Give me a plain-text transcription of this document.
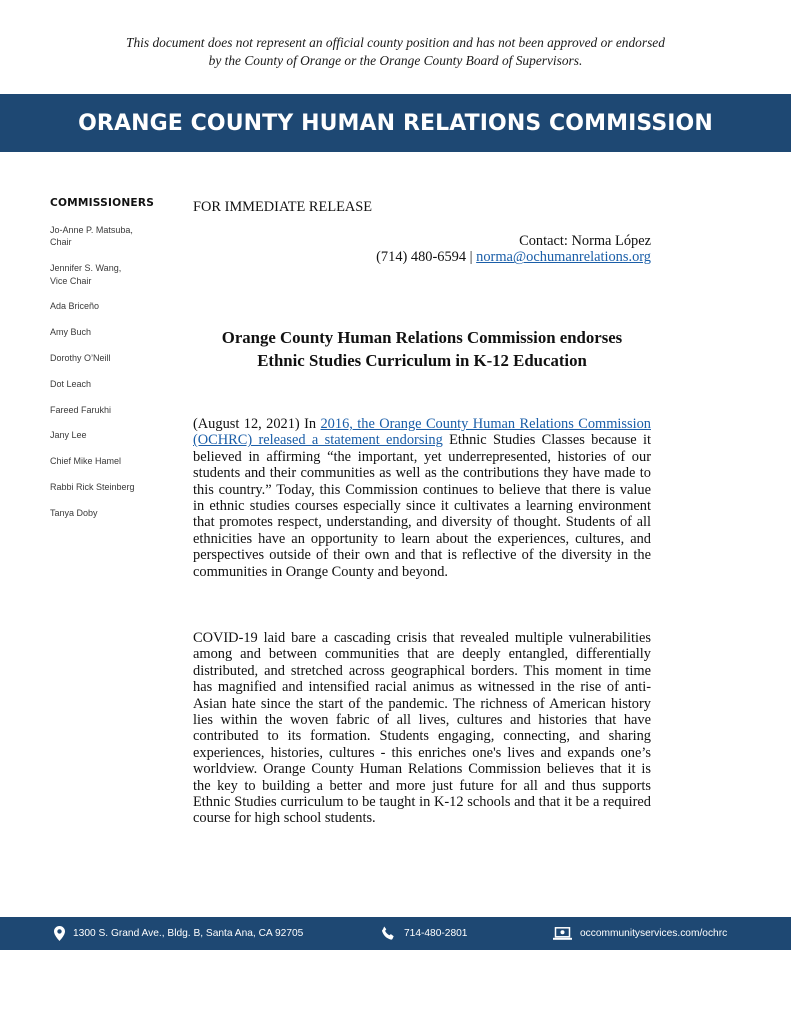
This document does not represent an official county position and has not been approved or endorsed
by the County of Orange or the Orange County Board of Supervisors.
ORANGE COUNTY HUMAN RELATIONS COMMISSION
COMMISSIONERS
Jo-Anne P. Matsuba,
Chair
Jennifer S. Wang,
Vice Chair
Ada Briceño
Amy Buch
Dorothy O’Neill
Dot Leach
Fareed Farukhi
Jany Lee
Chief Mike Hamel
Rabbi Rick Steinberg
Tanya Doby
FOR IMMEDIATE RELEASE
Contact: Norma López
(714) 480-6594 | norma@ochumanrelations.org
Orange County Human Relations Commission endorses
Ethnic Studies Curriculum in K-12 Education

(August 12, 2021) In 2016, the Orange County Human Relations Commission (OCHRC) released a statement endorsing Ethnic Studies Classes because it believed in affirming “the important, yet underrepresented, histories of our students and their communities as well as the contributions they have made to this country.” Today, this Commission continues to believe that there is value in ethnic studies courses especially since it cultivates a learning environment that promotes respect, understanding, and diversity of thought. Students of all ethnicities have an opportunity to learn about the experiences, cultures, and perspectives outside of their own and that is reflective of the diversity in the communities in Orange County and beyond.

COVID-19 laid bare a cascading crisis that revealed multiple vulnerabilities among and between communities that are deeply entangled, differentially distributed, and stretched across geographical borders. This moment in time has magnified and intensified racial animus as witnessed in the rise of anti-Asian hate since the start of the pandemic. The richness of American history lies within the woven fabric of all lives, cultures and histories that have contributed to its formation. Students engaging, connecting, and sharing experiences, histories, cultures - this enriches one's lives and expands one’s worldview. Orange County Human Relations Commission believes that it is the key to building a better and more just future for all and thus supports Ethnic Studies curriculum to be taught in K-12 schools and that it be a required course for high school students.

1300 S. Grand Ave., Bldg. B, Santa Ana, CA 92705	714-480-2801	occommunityservices.com/ochrc
